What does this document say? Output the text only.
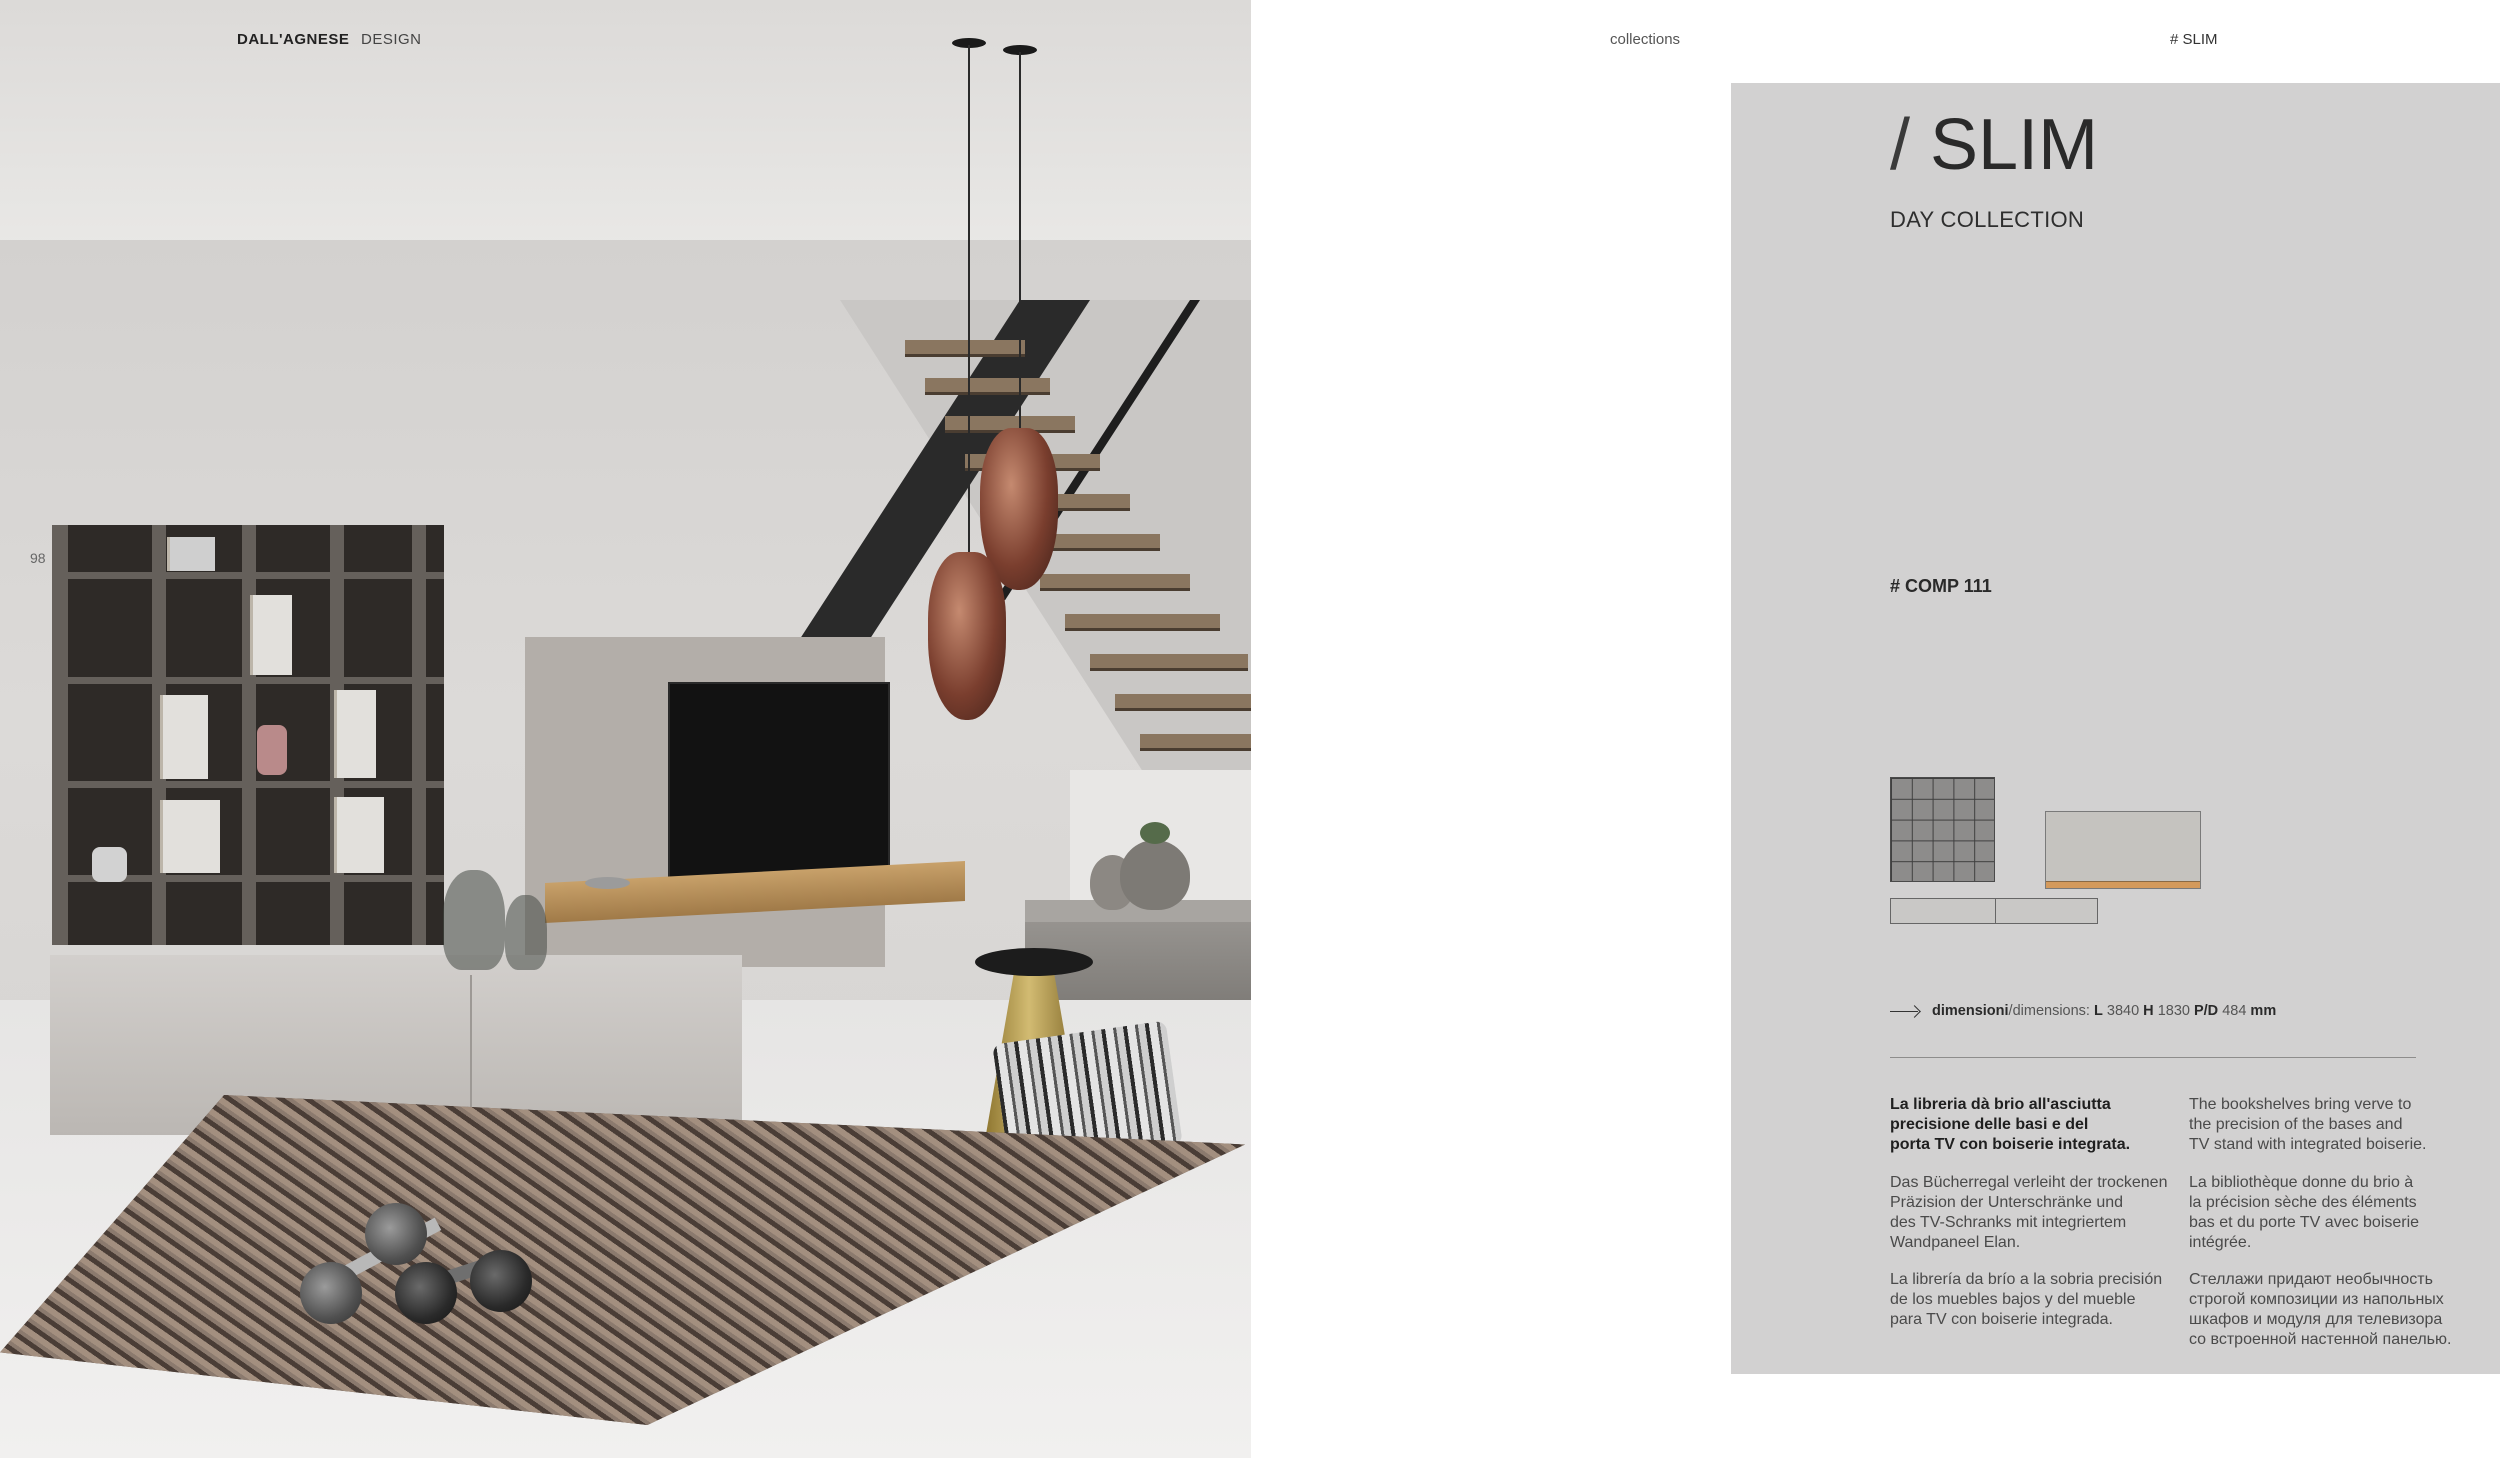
DALL'AGNESE DESIGN
98
collections	# SLIM
/ SLIM
DAY COLLECTION
# COMP 111
dimensioni / dimensions :
L
3840
H
1830
P/D
484
mm
La libreria dà brio all'asciutta
precisione delle basi e del
porta TV con boiserie integrata.
The bookshelves bring verve to
the precision of the bases and
TV stand with integrated boiserie.
Das Bücherregal verleiht der trockenen
Präzision der Unterschränke und
des TV-Schranks mit integriertem
Wandpaneel Elan.
La bibliothèque donne du brio à
la précision sèche des éléments
bas et du porte TV avec boiserie
intégrée.
La librería da brío a la sobria precisión
de los muebles bajos y del mueble
para TV con boiserie integrada.
Стеллажи придают необычность
строгой композиции из напольных
шкафов и модуля для телевизора
со встроенной настенной панелью.
